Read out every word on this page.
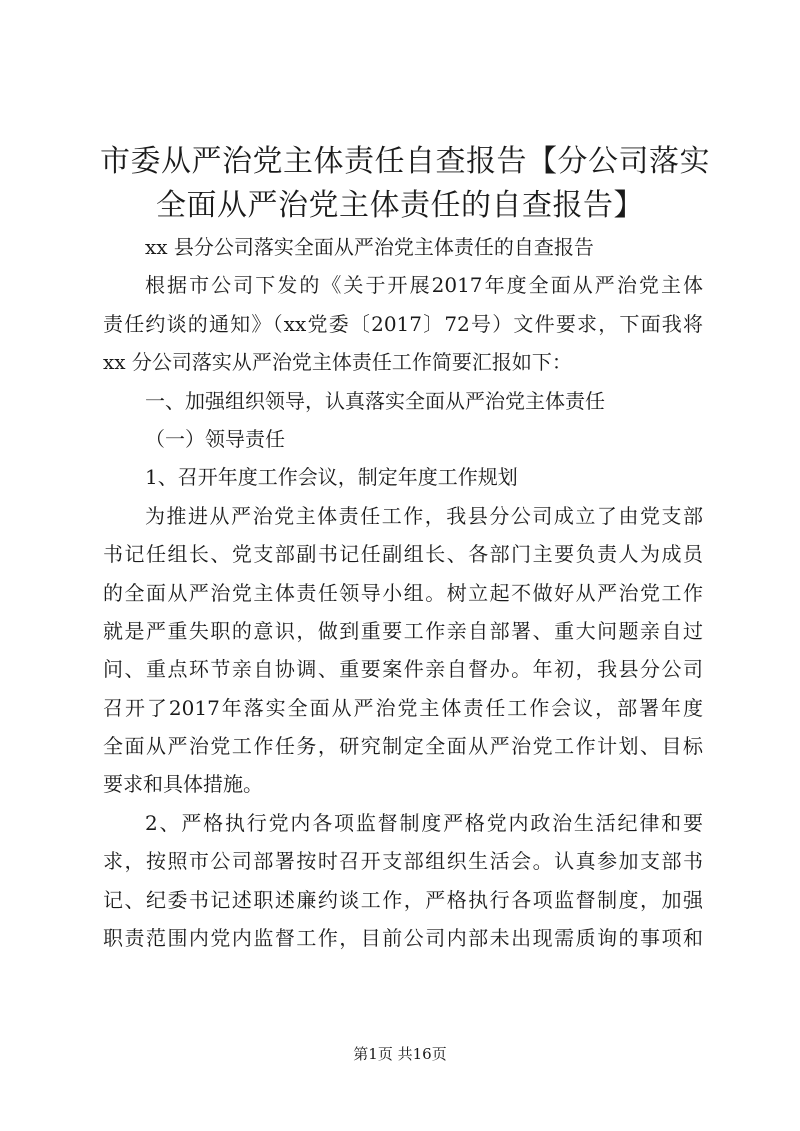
市委从严治党主体责任自查报告【分公司落实
全面从严治党主体责任的自查报告】
xx 县分公司落实全面从严治党主体责任的自查报告
根据市公司下发的《关于开展2017年度全面从严治党主体
责任约谈的通知》（xx党委〔2017〕72号）文件要求，下面我将
xx 分公司落实从严治党主体责任工作简要汇报如下：
一、加强组织领导，认真落实全面从严治党主体责任
（一）领导责任
1、召开年度工作会议，制定年度工作规划
为推进从严治党主体责任工作，我县分公司成立了由党支部
书记任组长、党支部副书记任副组长、各部门主要负责人为成员
的全面从严治党主体责任领导小组。树立起不做好从严治党工作
就是严重失职的意识，做到重要工作亲自部署、重大问题亲自过
问、重点环节亲自协调、重要案件亲自督办。年初，我县分公司
召开了2017年落实全面从严治党主体责任工作会议，部署年度
全面从严治党工作任务，研究制定全面从严治党工作计划、目标
要求和具体措施。
2、严格执行党内各项监督制度严格党内政治生活纪律和要
求，按照市公司部署按时召开支部组织生活会。认真参加支部书
记、纪委书记述职述廉约谈工作，严格执行各项监督制度，加强
职责范围内党内监督工作，目前公司内部未出现需质询的事项和
第1页 共16页
